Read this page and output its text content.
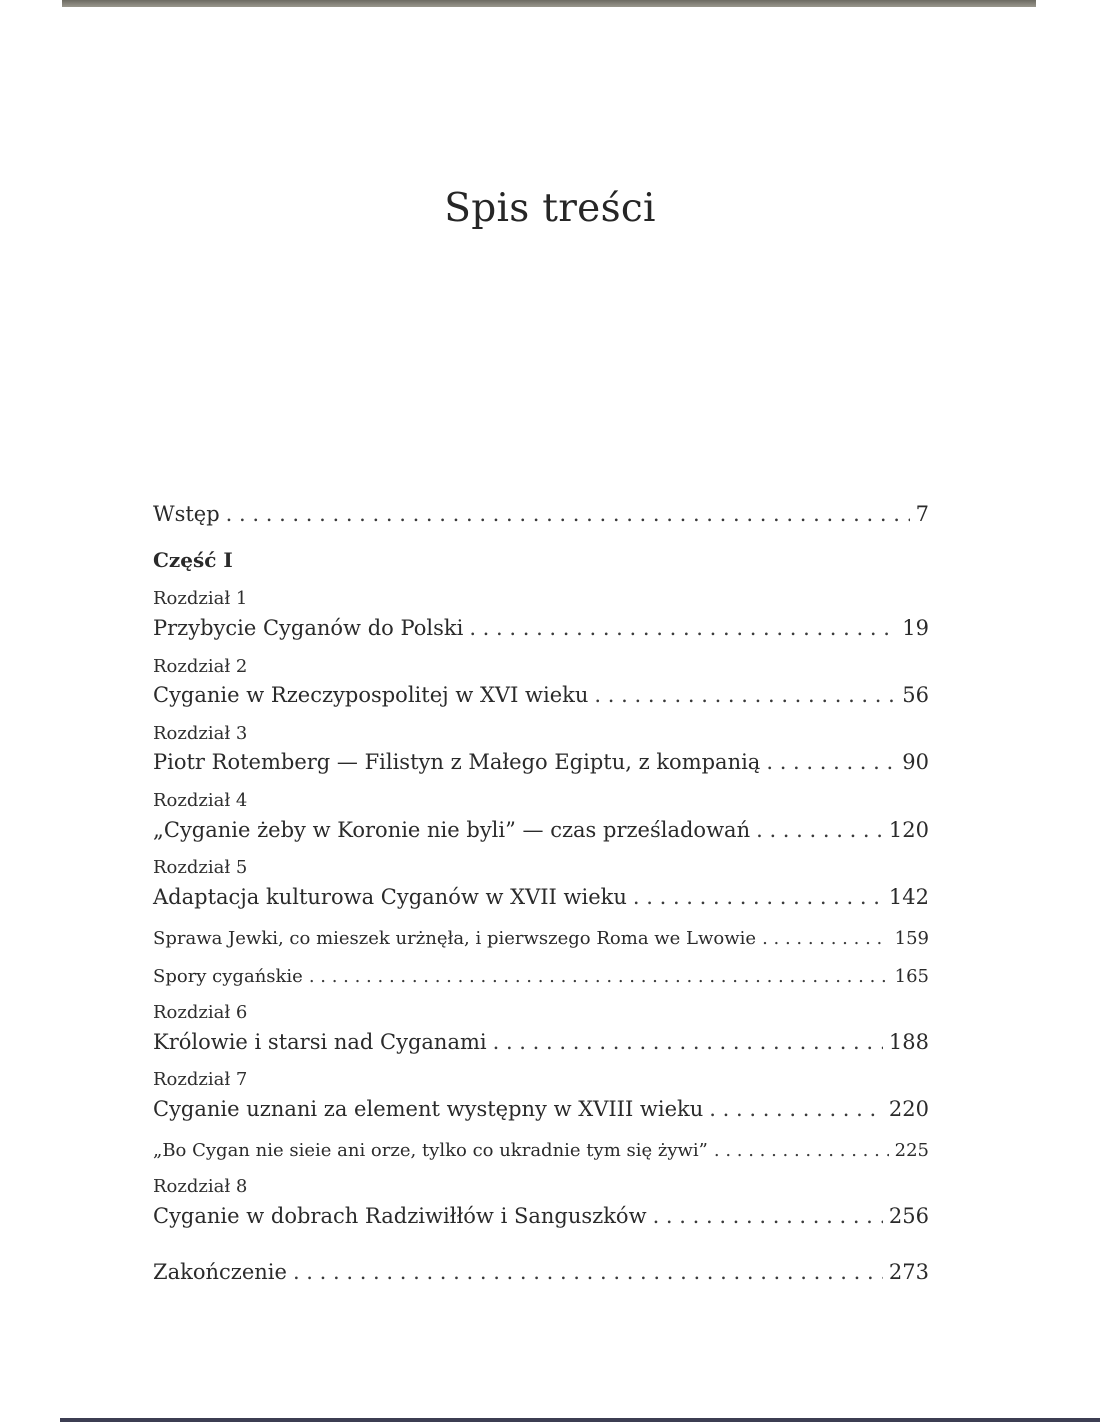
Spis treści
Wstęp . . .	7
Część I
Rozdział 1
Przybycie Cyganów do Polski . . .	19
Rozdział 2
Cyganie w Rzeczypospolitej w XVI wieku . . .	56
Rozdział 3
Piotr Rotemberg — Filistyn z Małego Egiptu, z kompanią . . .	90
Rozdział 4
„Cyganie żeby w Koronie nie byli” — czas prześladowań . . .	120
Rozdział 5
Adaptacja kulturowa Cyganów w XVII wieku . . .	142
Sprawa Jewki, co mieszek urżnęła, i pierwszego Roma we Lwowie . . .	159
Spory cygańskie . . .	165
Rozdział 6
Królowie i starsi nad Cyganami . . .	188
Rozdział 7
Cyganie uznani za element występny w XVIII wieku . . .	220
„Bo Cygan nie sieie ani orze, tylko co ukradnie tym się żywi” . . .	225
Rozdział 8
Cyganie w dobrach Radziwiłłów i Sanguszków . . .	256
Zakończenie . . .	273
